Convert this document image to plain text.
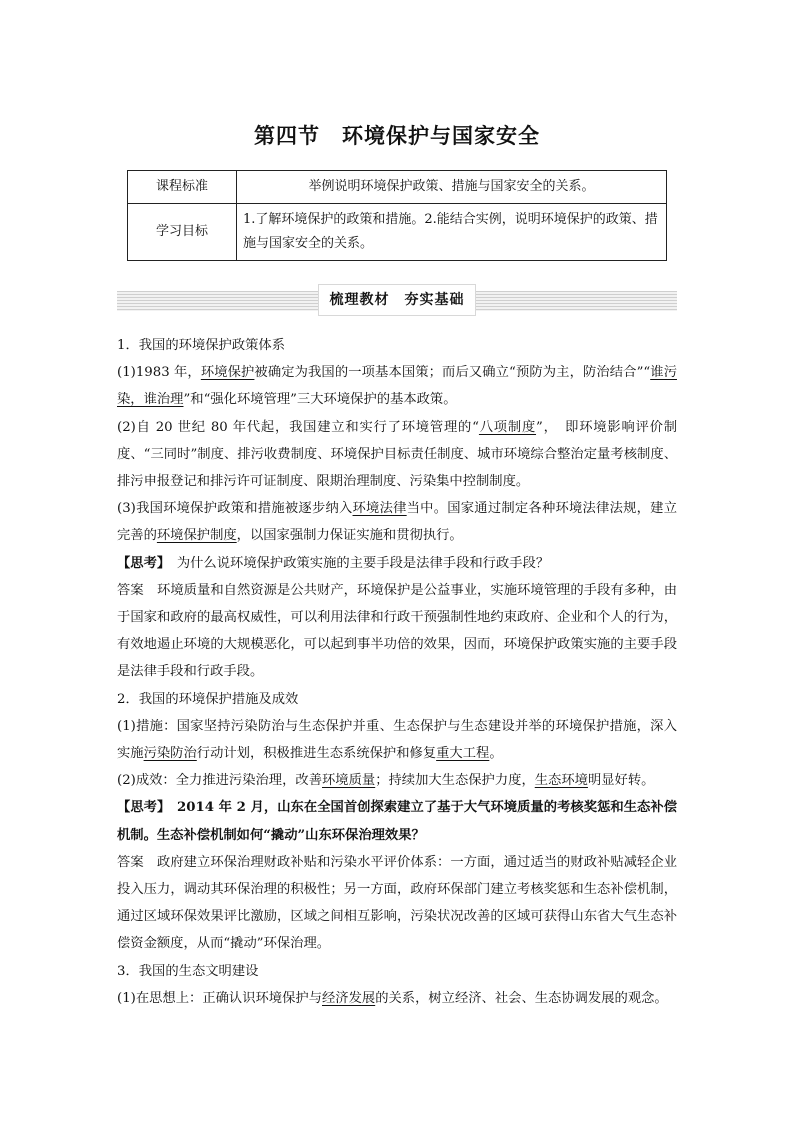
第四节　环境保护与国家安全
课程标准	举例说明环境保护政策、措施与国家安全的关系。
学习目标	1.了解环境保护的政策和措施。2.能结合实例，说明环境保护的政策、措施与国家安全的关系。
梳理教材　夯实基础

1．我国的环境保护政策体系

(1)1983 年，环境保护被确定为我国的一项基本国策；而后又确立“预防为主，防治结合”“谁污染，谁治理”和“强化环境管理”三大环境保护的基本政策。

(2)自 20 世纪 80 年代起，我国建立和实行了环境管理的“八项制度”，　即环境影响评价制度、“三同时”制度、排污收费制度、环境保护目标责任制度、城市环境综合整治定量考核制度、排污申报登记和排污许可证制度、限期治理制度、污染集中控制制度。

(3)我国环境保护政策和措施被逐步纳入环境法律当中。国家通过制定各种环境法律法规，建立完善的环境保护制度，以国家强制力保证实施和贯彻执行。

【思考】　为什么说环境保护政策实施的主要手段是法律手段和行政手段？

答案　环境质量和自然资源是公共财产，环境保护是公益事业，实施环境管理的手段有多种，由于国家和政府的最高权威性，可以利用法律和行政干预强制性地约束政府、企业和个人的行为，有效地遏止环境的大规模恶化，可以起到事半功倍的效果，因而，环境保护政策实施的主要手段是法律手段和行政手段。

2．我国的环境保护措施及成效

(1)措施：国家坚持污染防治与生态保护并重、生态保护与生态建设并举的环境保护措施，深入实施污染防治行动计划，积极推进生态系统保护和修复重大工程。

(2)成效：全力推进污染治理，改善环境质量；持续加大生态保护力度，生态环境明显好转。

【思考】　2014 年 2 月，山东在全国首创探索建立了基于大气环境质量的考核奖惩和生态补偿机制。生态补偿机制如何“撬动”山东环保治理效果？

答案　政府建立环保治理财政补贴和污染水平评价体系：一方面，通过适当的财政补贴减轻企业投入压力，调动其环保治理的积极性；另一方面，政府环保部门建立考核奖惩和生态补偿机制，通过区域环保效果评比激励，区域之间相互影响，污染状况改善的区域可获得山东省大气生态补偿资金额度，从而“撬动”环保治理。

3．我国的生态文明建设

(1)在思想上：正确认识环境保护与经济发展的关系，树立经济、社会、生态协调发展的观念。
